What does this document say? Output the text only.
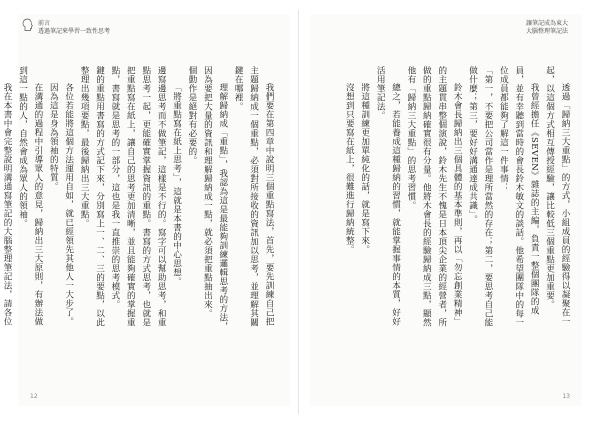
前言
透過筆記來學習一致性思考

我們要在第四章中說明三個重點寫法，首先，要先訓練自己把主題歸納成一個重點，必須對所接收的資訊加以思考，並理解其關鍵在哪裡。

理解歸納成「重點」，我認為這是最能夠訓練邏輯思考的方法，因為要把大量的資訊和理解歸納成一點，就必須把重點抽出來。

個動作是絕對有必要的。

「將重點寫在紙上思考」，這就是本書的中心思想。

邊寫邊思考而不做筆記，這樣是不行的。寫字可以幫助思考，和重點思考一起，更能確實掌握資訊的重點。書寫的方式思考，也就是把重點寫在紙上，讓自己的思考更加清晰，並且能夠確實的掌握重點，書寫就是思考的一部分，這也是我一直推崇的思考模式。

鍵的重點用書寫的方式記下來，分別寫上一、二、三的要點，以此整理出幾項要點，最後歸納出三大重點。

各位若能將這個方法運用自如，就已經領先其他人一大步了。

因為這是身為領袖的特質。

在溝通的過程中引導眾人的意見，歸納出三大原則，有辦法做到這一點的人，自然會成為眾人的領袖。

我在本書中會完整說明溝通寫筆記的大腦整理筆記法，請各位

12
讓筆記成為東大
大腦整理筆記法

透過「歸納三大重點」的方式，小組成員的經驗得以凝聚在一起，以這個方式相互傳授經驗，讓比較低三個重點更加重要。

我曾經擔任《SEVEN》雜誌的主編，負責一整個團隊的成員，並有幸聽到當時的會長鈴木敏文的談話。他希望團隊中的每一位成員都能夠了解這一件事情：

「第一，不要把公司當作是理所當然的存在；第二，要思考自己能做什麼；第三，要好好溝通達成共識」。

鈴木會長歸納出三個具體的基本準則，再以「勿忘創業精神」的主題貫串整個演說，鈴木先生不愧是日本頂尖企業的經營者，所做的重點歸納確實很有分量。他將木會長的經驗歸納成三點，顯然他有「歸納三大重點」的思考習慣。

總之，若能養成這種歸納的習慣，就能掌握事情的本質，好好活用筆記法。

將這種訓練更加單純化的話，就是寫下來。

沒想到只要寫在紙上，很難進行歸納統整。

13
